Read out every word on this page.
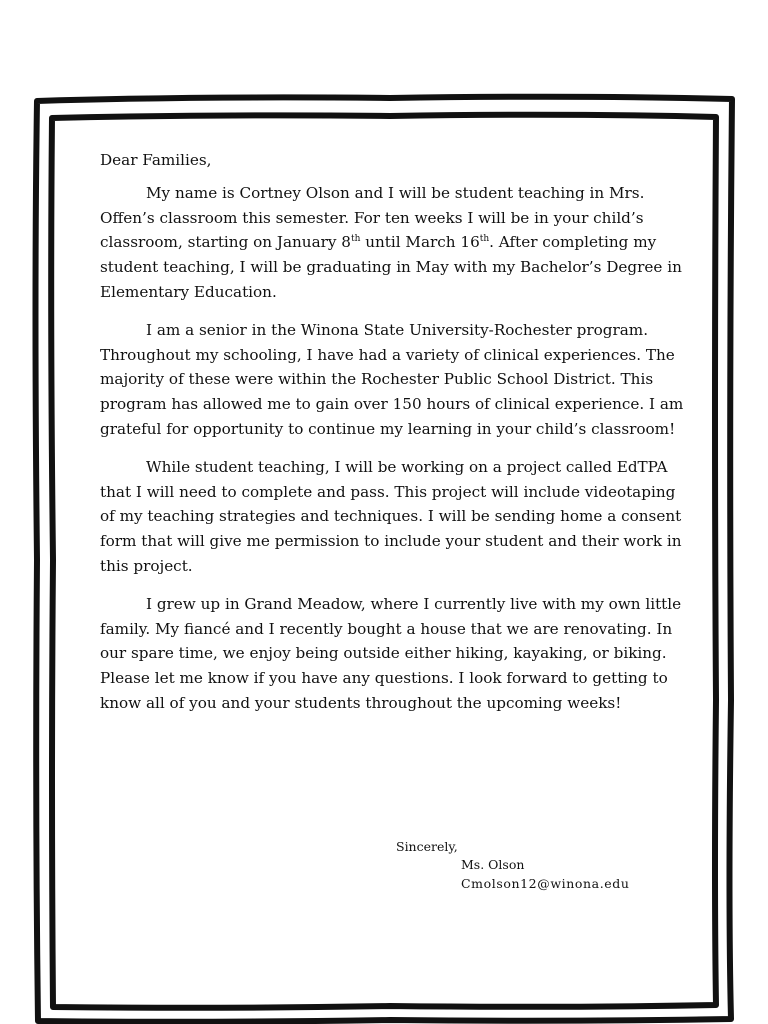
Dear Families,

My name is Cortney Olson and I will be student teaching in Mrs. Offen’s classroom this semester. For ten weeks I will be in your child’s classroom, starting on January 8th until March 16th. After completing my student teaching, I will be graduating in May with my Bachelor’s Degree in Elementary Education.

I am a senior in the Winona State University-Rochester program. Throughout my schooling, I have had a variety of clinical experiences. The majority of these were within the Rochester Public School District. This program has allowed me to gain over 150 hours of clinical experience. I am grateful for opportunity to continue my learning in your child’s classroom!

While student teaching, I will be working on a project called EdTPA that I will need to complete and pass. This project will include videotaping of my teaching strategies and techniques. I will be sending home a consent form that will give me permission to include your student and their work in this project.

I grew up in Grand Meadow, where I currently live with my own little family. My fiancé and I recently bought a house that we are renovating. In our spare time, we enjoy being outside either hiking, kayaking, or biking. Please let me know if you have any questions. I look forward to getting to know all of you and your students throughout the upcoming weeks!

Sincerely,
Ms. Olson
Cmolson12@winona.edu
